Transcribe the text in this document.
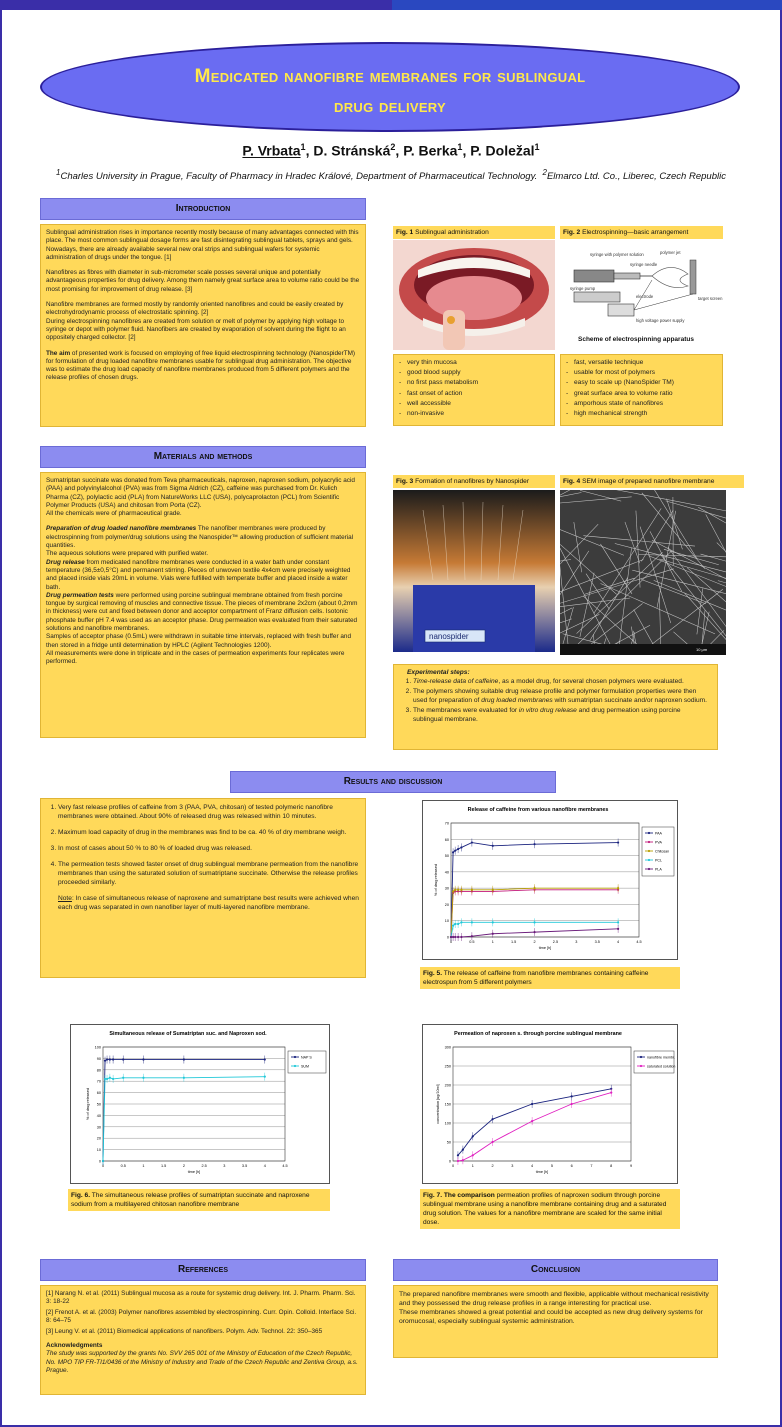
Medicated nanofibre membranes for sublingual
drug delivery
P. Vrbata$^1$, D. Stránská$^2$, P. Berka$^1$, P. Doležal$^1$
$^1$Charles University in Prague, Faculty of Pharmacy in Hradec Králové, Department of Pharmaceutical Technology. $^2$Elmarco Ltd. Co., Liberec, Czech Republic
Introduction

Sublingual administration rises in importance recently mostly because of many advantages connected with this place. The most common sublingual dosage forms are fast disintegrating sublingual tablets, sprays and gels. Nowadays, there are already available several new oral strips and sublingual wafers for systemic administration of drugs under the tongue. [1]

Nanofibres as fibres with diameter in sub-micrometer scale posses several unique and potentially advantageous properties for drug delivery. Among them namely great surface area to volume ratio could be the most promising for improvement of drug release. [3]

Nanofibre membranes are formed mostly by randomly oriented nanofibres and could be easily created by electrohydrodynamic process of electrostatic spinning. [2]

During electrospinning nanofibres are created from solution or melt of polymer by applying high voltage to syringe or depot with polymer fluid. Nanofibers are created by evaporation of solvent during the flight to an oppositely charged collector. [2]

The aim of presented work is focused on employing of free liquid electrospinning technology (NanospiderTM) for formulation of drug loaded nanofibre membranes usable for sublingual drug administration. The objective was to estimate the drug load capacity of nanofibre membranes produced from 5 different polymers and the release profiles of chosen drugs.

Fig. 1 Sublingual administration
- very thin mucosa
- good blood supply
- no first pass metabolism
- fast onset of action
- well accessible
- non-invasive
Fig. 2 Electrospinning—basic arrangement
syringe with polymer solution	polymer jet
syringe needle
target screen
syringe pump
electrode
high voltage power supply
Scheme of electrospinning apparatus
- fast, versatile technique
- usable for most of polymers
- easy to scale up (NanoSpider TM)
- great surface area to volume ratio
- amporhous state of nanofibres
- high mechanical strength
Materials and methods
Sumatriptan succinate was donated from Teva pharmaceuticals, naproxen, naproxen sodium, polyacrylic acid (PAA) and polyvinylalcohol (PVA) was from Sigma Aldrich (CZ), caffeine was purchased from Dr. Kulich Pharma (CZ), polylactic acid (PLA) from NatureWorks LLC (USA), polycaprolacton (PCL) from Scientific Polymer Products (USA) and chitosan from Porta (CZ).

All the chemicals were of pharmaceutical grade.

Preparation of drug loaded nanofibre membranes The nanofiber membranes were produced by electrospinning from polymer/drug solutions using the Nanospider™ allowing production of sufficient material quantities.
The aqueous solutions were prepared with purified water.
Drug release from medicated nanofibre membranes were conducted in a water bath under constant temperature (36,5±0,5°C) and permanent stirring. Pieces of unwoven textile 4x4cm were precisely weighted and placed inside vials 20mL in volume. Vials were fulfilled with temperate buffer and placed inside a water bath.
Drug permeation tests were performed using porcine sublingual membrane obtained from fresh porcine tongue by surgical removing of muscles and connective tissue. The pieces of membrane 2x2cm (about 0,2mm in thickness) were cut and fixed between donor and acceptor compartment of Franz diffusion cells. Isotonic phosphate buffer pH 7.4 was used as an acceptor phase. Drug permeation was evaluated from their saturated solutions and nanofibre membranes.
Samples of acceptor phase (0.5mL) were withdrawn in suitable time intervals, replaced with fresh buffer and then stored in a fridge until determination by HPLC (Agilent Technologies 1200).
All measurements were done in triplicate and in the cases of permeation experiments four replicates were performed.
Fig. 3 Formation of nanofibres by Nanospider
nanospider
Fig. 4 SEM image of prepared nanofibre membrane
10 μm
Experimental steps:
1. Time-release data of caffeine, as a model drug, for several chosen polymers were evaluated.
2. The polymers showing suitable drug release profile and polymer formulation properties were then used for preparation of drug loaded membranes with sumatriptan succinate and/or naproxen sodium.
3. The membranes were evaluated for in vitro drug release and drug permeation using porcine sublingual membrane.
Results and discussion
1. Very fast release profiles of caffeine from 3 (PAA, PVA, chitosan) of tested polymeric nanofibre membranes were obtained. About 90% of released drug was released within 10 minutes.
2. Maximum load capacity of drug in the membranes was find to be ca. 40 % of dry membrane weigh.
3. In most of cases about 50 % to 80 % of loaded drug was released.
4. The permeation tests showed faster onset of drug sublingual membrane permeation from the nanofibre membranes than using the saturated solution of sumatriptane succinate. Otherwise the release profiles proceeded similarly.
Note: In case of simultaneous release of naproxene and sumatriptane best results were achieved when each drug was separated in own nanofiber layer of multi-layered nanofibre membrane.
Release of caffeine from various nanofibre membranes
0
10
20
30
40
50
60
70
0	0.5	1	1.5	2	2.5	3	3.5	4	4.5
time [h]
% of drug released
PAA
PVA
Chitosan
PCL
PLA
Fig. 5. The release of caffeine from nanofibre membranes containing caffeine electrospun from 5 different polymers
Simultaneous release of Sumatriptan suc. and Naproxen sod.
0
10
20
30
40
50
60
70
80
90
100
0	0.5	1	1.5	2	2.5	3	3.5	4	4.5
time [h]
% of drug released
NAP S
SUM
Fig. 6. The simultaneous release profiles of sumatriptan succinate and naproxene sodium from a multilayered chitosan nanofibre membrane
Permeation of naproxen s. through porcine sublingual membrane
0
50
100
150
200
250
300
0	1	2	3	4	5	6	7	8	9
time [h]
concentration [ug/10ml]
nanofibre membr.
saturated solution
Fig. 7. The comparison permeation profiles of naproxen sodium through porcine sublingual membrane using a nanofibre membrane containing drug and a saturated drug solution. The values for a nanofibre membrane are scaled for the same initial dose.
References

[1] Narang N. et al. (2011) Sublingual mucosa as a route for systemic drug delivery. Int. J. Pharm. Pharm. Sci. 3: 18-22

[2] Frenot A. et al. (2003) Polymer nanofibres assembled by electrospinning. Curr. Opin. Colloid. Interface Sci. 8: 64–75

[3] Leung V. et al. (2011) Biomedical applications of nanofibers. Polym. Adv. Technol. 22: 350–365

Acknowledgments
The study was supported by the grants No. SVV 265 001 of the Ministry of Education of the Czech Republic, No. MPO TIP FR-TI1/0436 of the Ministry of Industry and Trade of the Czech Republic and Zentiva Group, a.s. Prague.
Conclusion
The prepared nanofibre membranes were smooth and flexible, applicable without mechanical resistivity and they possessed the drug release profiles in a range interesting for practical use.
These membranes showed a great potential and could be accepted as new drug delivery systems for oromucosal, especially sublingual systemic administration.
